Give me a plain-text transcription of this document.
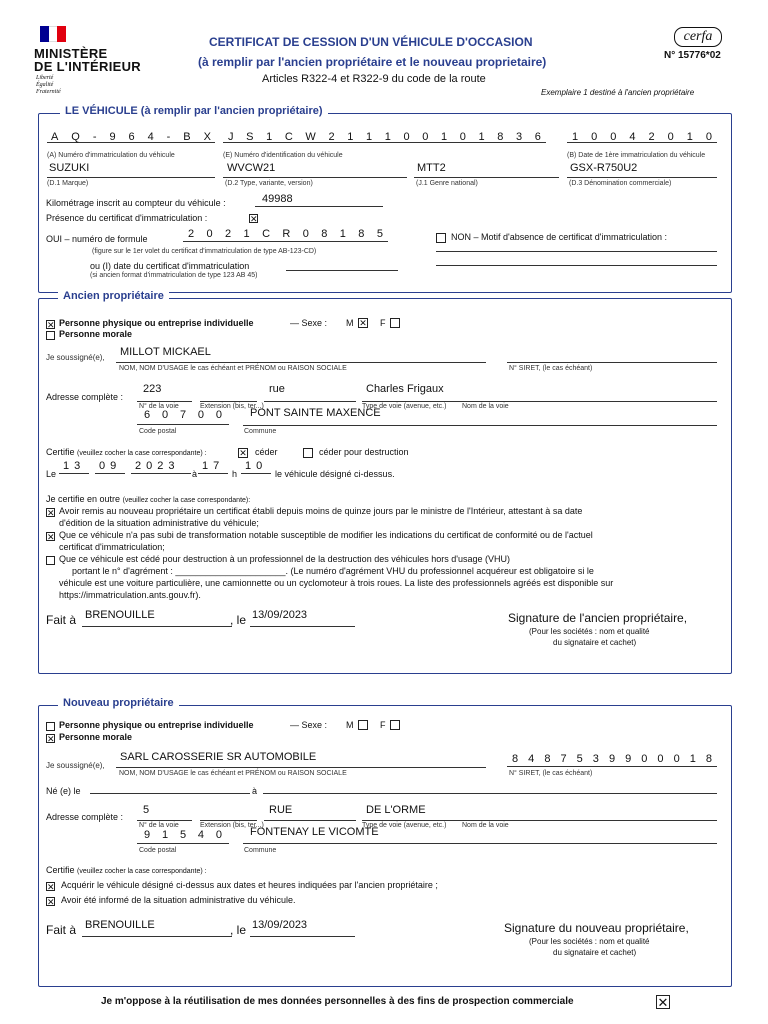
MINISTÈRE
DE L'INTÉRIEUR
Liberté
Égalité
Fraternité
CERTIFICAT DE CESSION D'UN VÉHICULE D'OCCASION
(à remplir par l'ancien propriétaire et le nouveau proprietaire)
Articles R322-4 et R322-9 du code de la route
cerfa
N° 15776*02
Exemplaire 1 destiné à l'ancien propriétaire
LE VÉHICULE (à remplir par l'ancien propriétaire)
A Q - 9 6 4 - B X
(A) Numéro d'immatriculation du véhicule
J S 1 C W 2 1 1 1 0 0 1 0 1 8 3 6
(E) Numéro d'identification du véhicule
1 0 0 4 2 0 1 0
(B) Date de 1ère immatriculation du véhicule
SUZUKI
(D.1 Marque)
WVCW21
(D.2 Type, variante, version)
MTT2
(J.1 Genre national)
GSX-R750U2
(D.3 Dénomination commerciale)
Kilométrage inscrit au compteur du véhicule :	49988
Présence du certificat d'immatriculation :	✕
OUI – numéro de formule	2 0 2 1 C R 0 8 1 8 5
(figure sur le 1er volet du certificat d'immatriculation de type AB-123-CD)
NON – Motif d'absence de certificat d'immatriculation :
ou (I) date du certificat d'immatriculation
(si ancien format d'immatriculation de type 123 AB 45)
Ancien propriétaire
✕ Personne physique ou entreprise individuelle	— Sexe : M ✕ F
Personne morale
Je soussigné(e), MILLOT MICKAEL
NOM, NOM D'USAGE le cas échéant et PRÉNOM ou RAISON SOCIALE	N° SIRET, (le cas échéant)
Adresse complète :
223
N° de la voie	Extension (bis, ter...)
rue
Type de voie (avenue, etc.)
Charles Frigaux
Nom de la voie
6 0 7 0 0
Code postal
PONT SAINTE MAXENCE
Commune
Certifie (veuillez cocher la case correspondante) :	✕ céder	céder pour destruction
Le
13 09 2023
à
17
h
10
le véhicule désigné ci-dessus.
Je certifie en outre (veuillez cocher la case correspondante):
✕ Avoir remis au nouveau propriétaire un certificat établi depuis moins de quinze jours par le ministre de l'Intérieur, attestant à sa date
d'édition de la situation administrative du véhicule;
✕ Que ce véhicule n'a pas subi de transformation notable susceptible de modifier les indications du certificat de conformité ou de l'actuel
certificat d'immatriculation;
Que ce véhicule est cédé pour destruction à un professionnel de la destruction des véhicules hors d'usage (VHU)
portant le n° d'agrément : ______________________. (Le numéro d'agrément VHU du professionnel acquéreur est obligatoire si le
véhicule est une voiture particulière, une camionnette ou un cyclomoteur à trois roues. La liste des professionnels agréés est disponible sur
https://immatriculation.ants.gouv.fr).
Fait à BRENOUILLE	, le 13/09/2023	Signature de l'ancien propriétaire,
(Pour les sociétés : nom et qualité
du signataire et cachet)
Nouveau propriétaire
Personne physique ou entreprise individuelle	— Sexe : M	F
✕ Personne morale
Je soussigné(e),
SARL CAROSSERIE SR AUTOMOBILE
NOM, NOM D'USAGE le cas échéant et PRÉNOM ou RAISON SOCIALE
8 4 8 7 5 3 9 9 0 0 0 1 8
N° SIRET, (le cas échéant)
Né (e) le	à
Adresse complète :
5
N° de la voie	Extension (bis, ter...)
RUE
Type de voie (avenue, etc.)
DE L'ORME
Nom de la voie
9 1 5 4 0
Code postal
FONTENAY LE VICOMTE
Commune
Certifie (veuillez cocher la case correspondante) :
✕ Acquérir le véhicule désigné ci-dessus aux dates et heures indiquées par l'ancien propriétaire ;
✕ Avoir été informé de la situation administrative du véhicule.
Fait à BRENOUILLE	, le 13/09/2023	Signature du nouveau propriétaire,
(Pour les sociétés : nom et qualité
du signataire et cachet)
Je m'oppose à la réutilisation de mes données personnelles à des fins de prospection commerciale	✕
